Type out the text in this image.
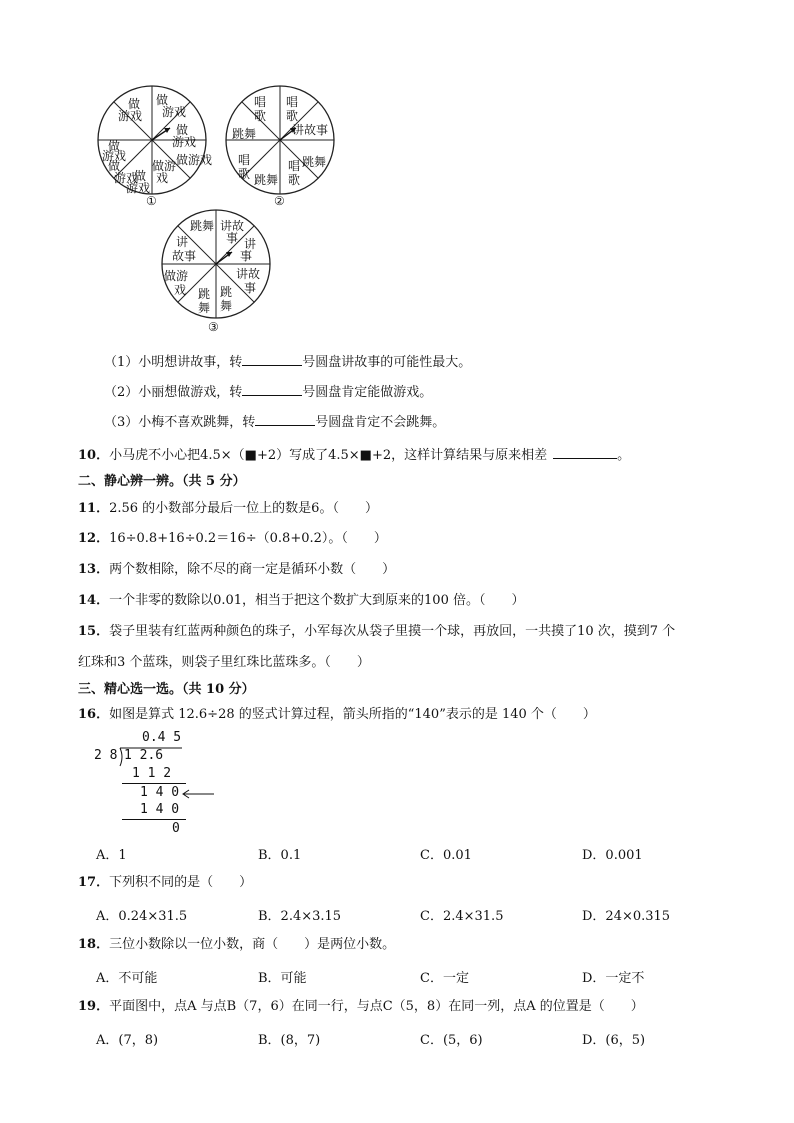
做
游戏
做
游戏
做
游戏
做
游戏
做
游戏
做游戏
做
游戏
做游
戏
①
唱
歌
唱
歌
跳舞	讲故事
唱
歌
跳舞
跳舞
唱
歌
②
跳舞 讲故
事
讲
故事
讲
事
做游
戏
讲故
事
跳
舞
跳
舞
③
（1）小明想讲故事，转	号圆盘讲故事的可能性最大。
（2）小丽想做游戏，转	号圆盘肯定能做游戏。
（3）小梅不喜欢跳舞，转	号圆盘肯定不会跳舞。
10．小马虎不小心把4.5×（■+2）写成了4.5×■+2，这样计算结果与原来相差	。
二、静心辨一辨。（共 5 分）
11．2.56 的小数部分最后一位上的数是6。（　　）
12．16÷0.8+16÷0.2＝16÷（0.8+0.2）。（　　）
13．两个数相除，除不尽的商一定是循环小数（　　）
14．一个非零的数除以0.01，相当于把这个数扩大到原来的100 倍。（　　）
15．袋子里装有红蓝两种颜色的珠子，小军每次从袋子里摸一个球，再放回，一共摸了10 次，摸到7 个
红珠和3 个蓝珠，则袋子里红珠比蓝珠多。（　　）
三、精心选一选。（共 10 分）
16．如图是算式 12.6÷28 的竖式计算过程，箭头所指的“140”表示的是 140 个（　　）
0.4 5
2 8 1 2.6
1 1 2
1 4 0
1 4 0
0
A．1	B．0.1	C．0.01	D．0.001
17．下列积不同的是（　　）
A．0.24×31.5	B．2.4×3.15	C．2.4×31.5	D．24×0.315
18．三位小数除以一位小数，商（　　）是两位小数。
A．不可能	B．可能	C．一定	D．一定不
19．平面图中，点A 与点B（7，6）在同一行，与点C（5，8）在同一列，点A 的位置是（　　）
A．(7，8)	B．(8，7)	C．(5，6)	D．(6，5)
